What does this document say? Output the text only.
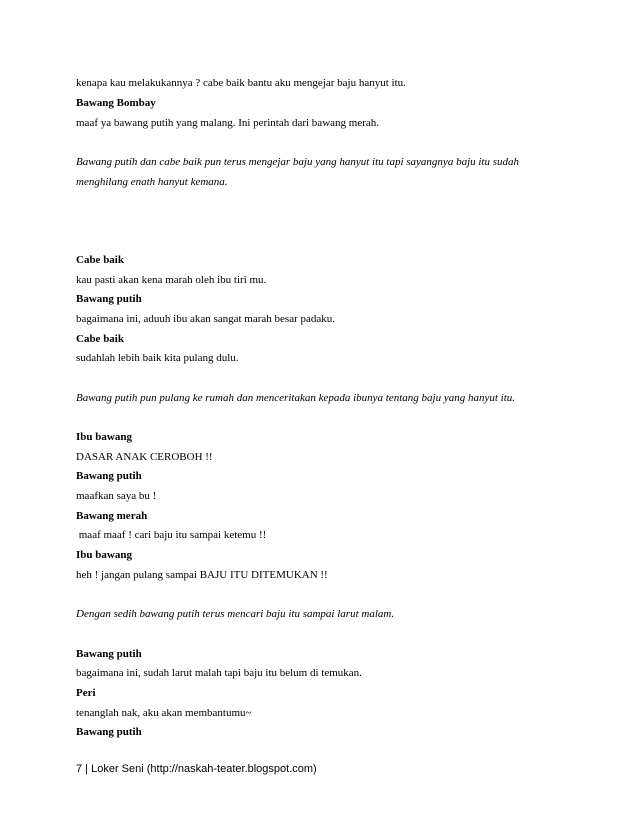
kenapa kau melakukannya ? cabe baik bantu aku mengejar baju hanyut itu.
Bawang Bombay
maaf ya bawang putih yang malang. Ini perintah dari bawang merah.
Bawang putih dan cabe baik pun terus mengejar baju yang hanyut itu tapi sayangnya baju itu sudah
menghilang enath hanyut kemana.
Cabe baik
kau pasti akan kena marah oleh ibu tiri mu.
Bawang putih
bagaimana ini, aduuh ibu akan sangat marah besar padaku.
Cabe baik
sudahlah lebih baik kita pulang dulu.
Bawang putih pun pulang ke rumah dan menceritakan kepada ibunya tentang baju yang hanyut itu.
Ibu bawang
DASAR ANAK CEROBOH !!
Bawang putih
maafkan saya bu !
Bawang merah
maaf maaf ! cari baju itu sampai ketemu !!
Ibu bawang
heh ! jangan pulang sampai BAJU ITU DITEMUKAN !!
Dengan sedih bawang putih terus mencari baju itu sampai larut malam.
Bawang putih
bagaimana ini, sudah larut malah tapi baju itu belum di temukan.
Peri
tenanglah nak, aku akan membantumu~
Bawang putih
7 | Loker Seni (http://naskah-teater.blogspot.com)
